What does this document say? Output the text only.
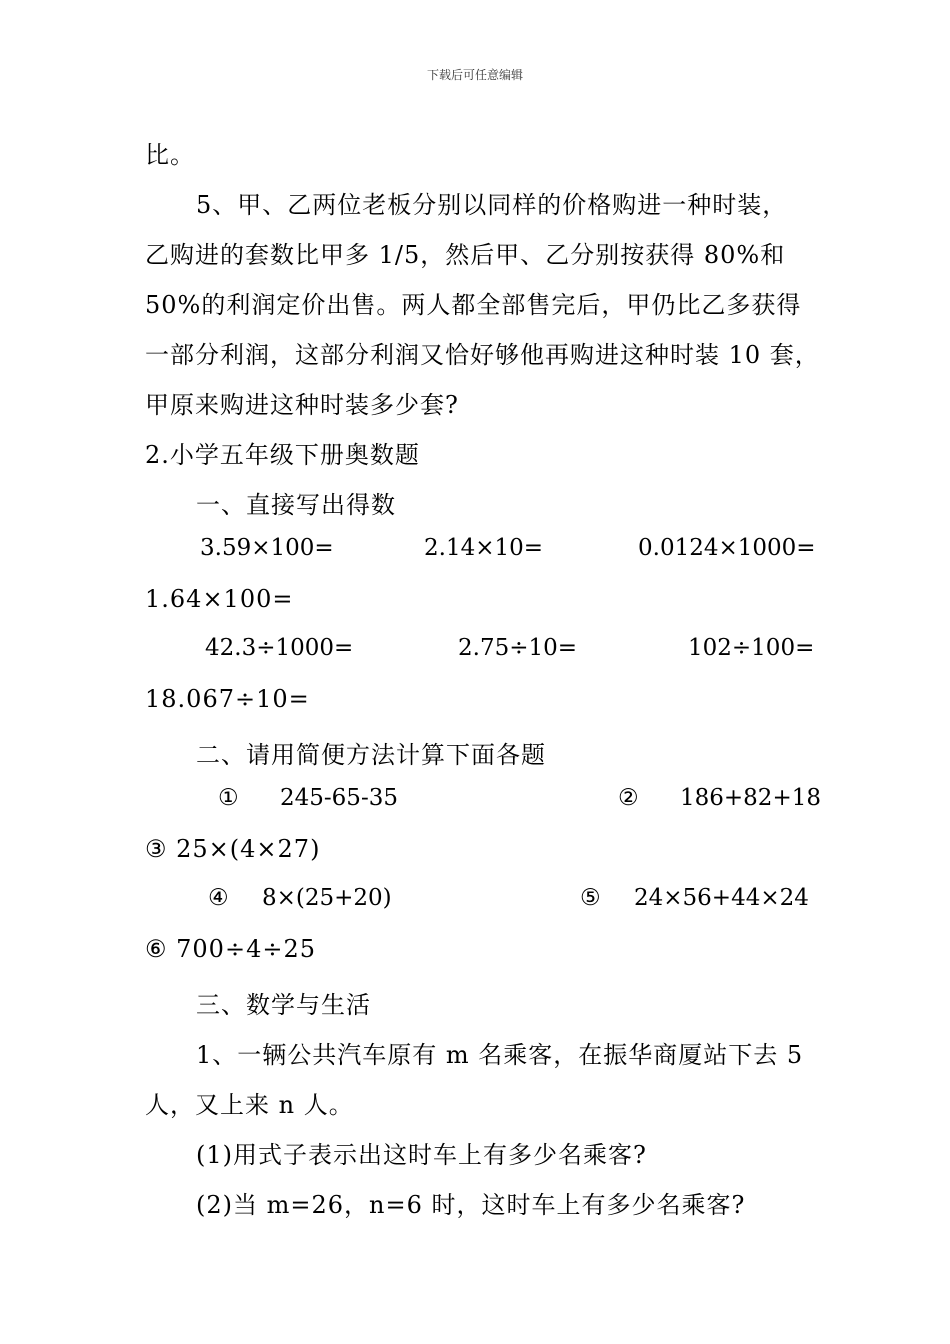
下载后可任意编辑
比。
5、甲、乙两位老板分别以同样的价格购进一种时装，
乙购进的套数比甲多 1/5，然后甲、乙分别按获得 80%和
50%的利润定价出售。两人都全部售完后，甲仍比乙多获得
一部分利润，这部分利润又恰好够他再购进这种时装 10 套，
甲原来购进这种时装多少套?
2.小学五年级下册奥数题
一、直接写出得数
3.59×100=	2.14×10=	0.0124×1000=
1.64×100=
42.3÷1000=	2.75÷10=	102÷100=
18.067÷10=
二、请用简便方法计算下面各题
① 245-65-35	② 186+82+18
③ 25×(4×27)
④ 8×(25+20)	⑤ 24×56+44×24
⑥ 700÷4÷25
三、数学与生活
1、一辆公共汽车原有 m 名乘客，在振华商厦站下去 5
人，又上来 n 人。
(1)用式子表示出这时车上有多少名乘客?
(2)当 m=26，n=6 时，这时车上有多少名乘客?
